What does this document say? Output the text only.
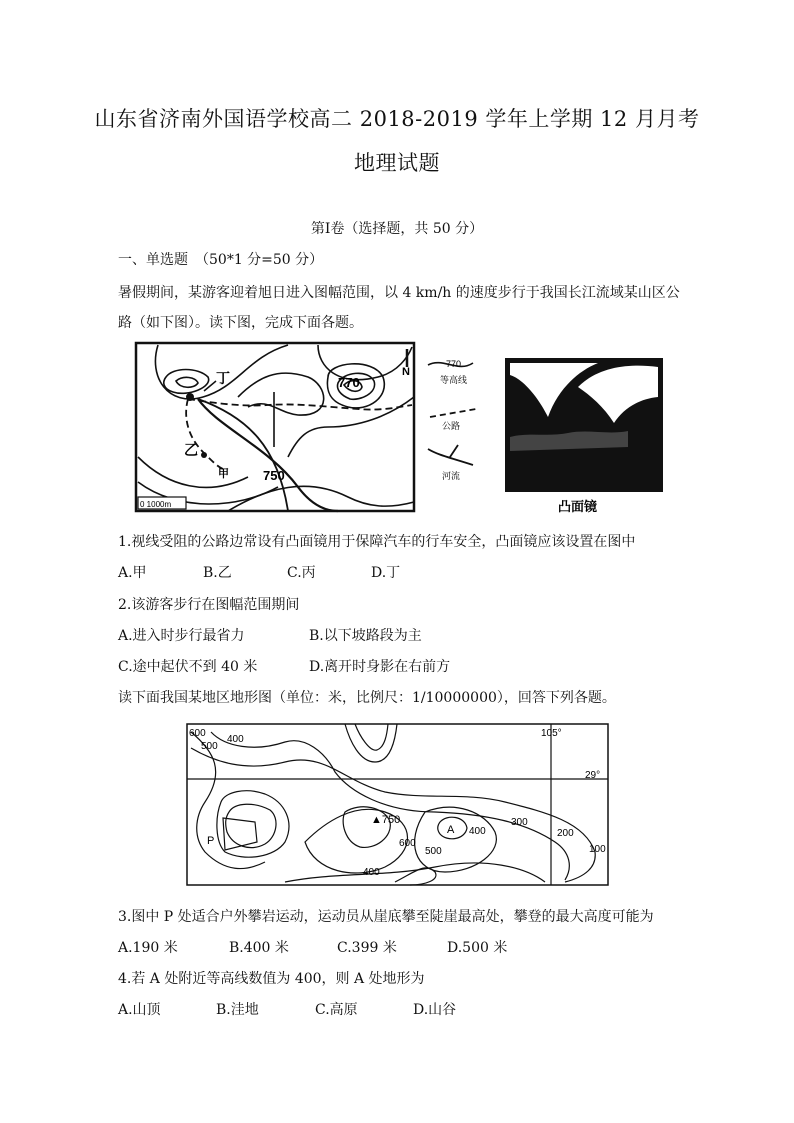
山东省济南外国语学校高二 2018-2019 学年上学期 12 月月考
地理试题
第Ⅰ卷（选择题，共 50 分）
一、单选题　（50*1 分=50 分）
暑假期间，某游客迎着旭日进入图幅范围，以 4 km/h 的速度步行于我国长江流域某山区公
路（如下图）。读下图，完成下面各题。
丁
乙
甲
770
750
N
0 1000m
770
等高线
公路
河流
凸面镜
1.视线受阻的公路边常设有凸面镜用于保障汽车的行车安全，凸面镜应该设置在图中
A.甲	B.乙	C.丙	D.丁
2.该游客步行在图幅范围期间
A.进入时步行最省力	B.以下坡路段为主
C.途中起伏不到 40 米	D.离开时身影在右前方
读下面我国某地区地形图（单位：米，比例尺：1/10000000），回答下列各题。
600
500
400
105°
29°
P
▲750
A 400
300
200
100
600
500
400
3.图中 P 处适合户外攀岩运动，运动员从崖底攀至陡崖最高处，攀登的最大高度可能为
A.190 米	B.400 米	C.399 米	D.500 米
4.若 A 处附近等高线数值为 400，则 A 处地形为
A.山顶	B.洼地	C.高原	D.山谷
